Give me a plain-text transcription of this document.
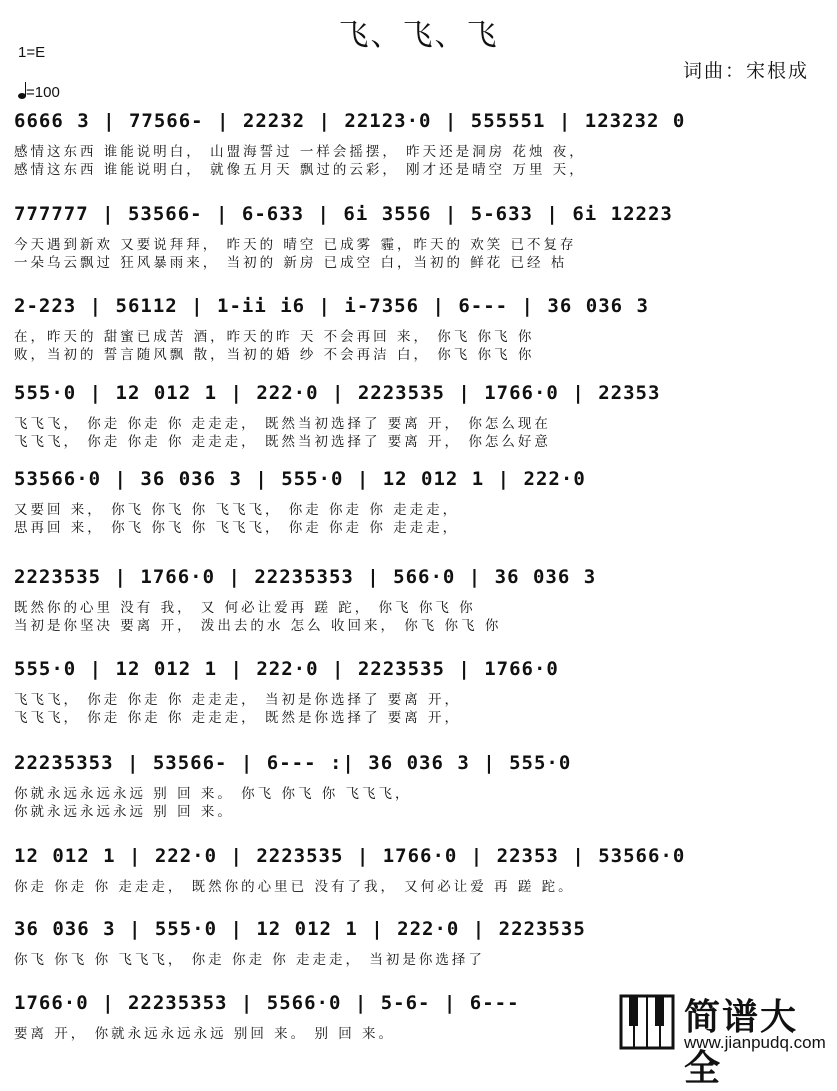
飞、飞、飞
1=E
=100
词曲：宋根成
6666 3 | 77566- | 22232 | 22123·0 | 555551 | 123232 0
感情这东西 谁能说明白， 山盟海誓过 一样会摇摆， 昨天还是洞房 花烛 夜，
感情这东西 谁能说明白， 就像五月天 飘过的云彩， 刚才还是晴空 万里 天，
777777 | 53566- | 6-633 | 6i 3556 | 5-633 | 6i 12223
今天遇到新欢 又要说拜拜， 昨天的 晴空 已成雾 霾，昨天的 欢笑 已不复存
一朵乌云飘过 狂风暴雨来， 当初的 新房 已成空 白，当初的 鲜花 已经 枯
2-223 | 56112 | 1-ii i6 | i-7356 | 6--- | 36 036 3
在，昨天的 甜蜜已成苦 酒，昨天的昨 天 不会再回 来， 你飞 你飞 你
败，当初的 誓言随风飘 散，当初的婚 纱 不会再洁 白， 你飞 你飞 你
555·0 | 12 012 1 | 222·0 | 2223535 | 1766·0 | 22353
飞飞飞， 你走 你走 你 走走走， 既然当初选择了 要离 开， 你怎么现在
飞飞飞， 你走 你走 你 走走走， 既然当初选择了 要离 开， 你怎么好意
53566·0 | 36 036 3 | 555·0 | 12 012 1 | 222·0
又要回 来， 你飞 你飞 你 飞飞飞， 你走 你走 你 走走走，
思再回 来， 你飞 你飞 你 飞飞飞， 你走 你走 你 走走走，
2223535 | 1766·0 | 22235353 | 566·0 | 36 036 3
既然你的心里 没有 我， 又 何必让爱再 蹉 跎， 你飞 你飞 你
当初是你坚决 要离 开， 泼出去的水 怎么 收回来， 你飞 你飞 你
555·0 | 12 012 1 | 222·0 | 2223535 | 1766·0
飞飞飞， 你走 你走 你 走走走， 当初是你选择了 要离 开，
飞飞飞， 你走 你走 你 走走走， 既然是你选择了 要离 开，
22235353 | 53566- | 6--- :| 36 036 3 | 555·0
你就永远永远永远 别 回 来。 你飞 你飞 你 飞飞飞，
你就永远永远永远 别 回 来。
12 012 1 | 222·0 | 2223535 | 1766·0 | 22353 | 53566·0
你走 你走 你 走走走， 既然你的心里已 没有了我， 又何必让爱 再 蹉 跎。
36 036 3 | 555·0 | 12 012 1 | 222·0 | 2223535
你飞 你飞 你 飞飞飞， 你走 你走 你 走走走， 当初是你选择了
1766·0 | 22235353 | 5566·0 | 5-6- | 6---
要离 开， 你就永远永远永远 别回 来。 别 回 来。	简谱大全
www.jianpudq.com
